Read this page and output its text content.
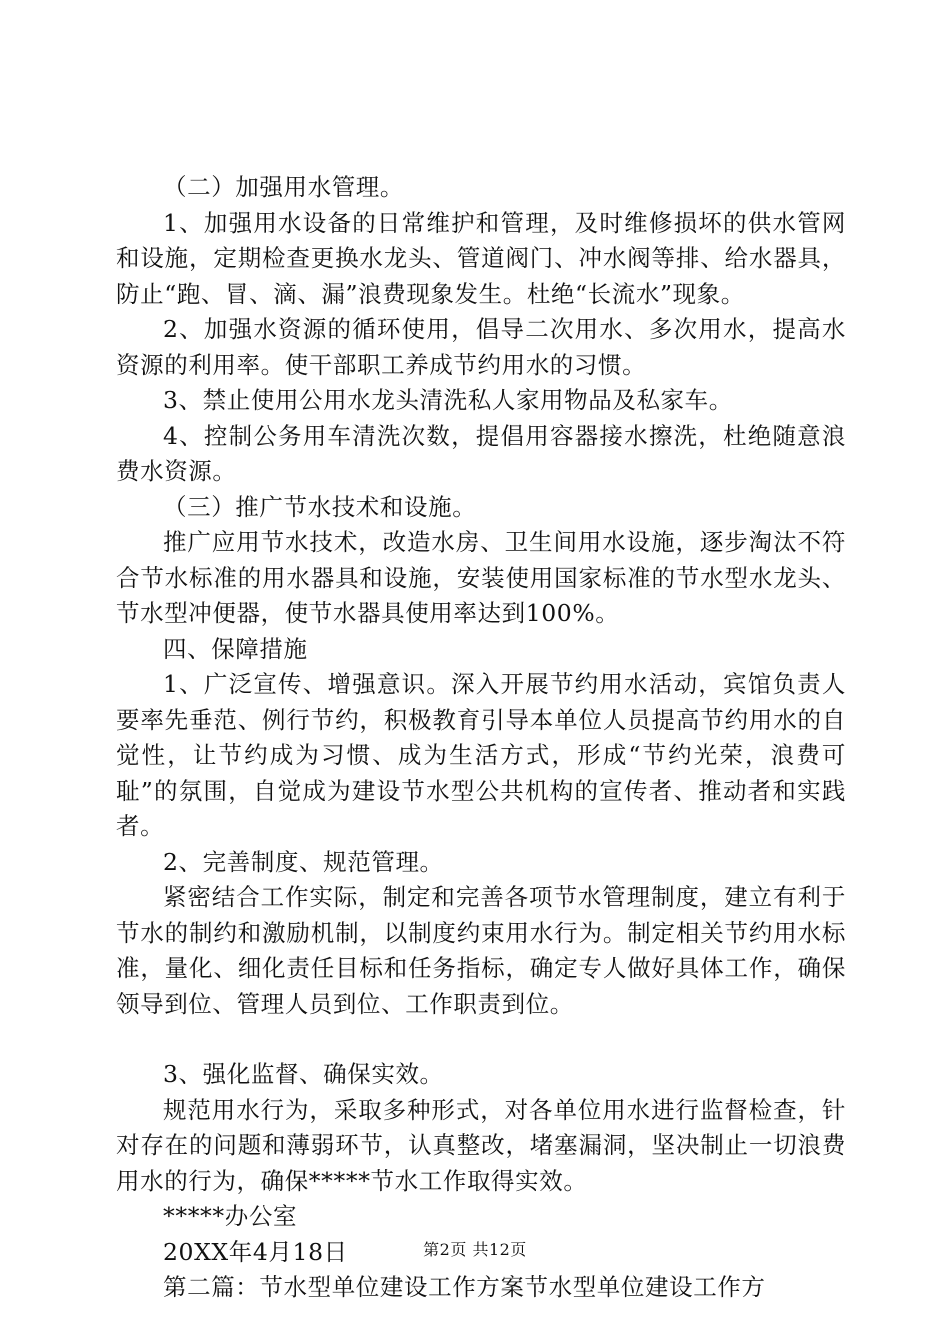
（二）加强用水管理。

1、加强用水设备的日常维护和管理，及时维修损坏的供水管网和设施，定期检查更换水龙头、管道阀门、冲水阀等排、给水器具，防止“跑、冒、滴、漏”浪费现象发生。杜绝“长流水”现象。

2、加强水资源的循环使用，倡导二次用水、多次用水，提高水资源的利用率。使干部职工养成节约用水的习惯。

3、禁止使用公用水龙头清洗私人家用物品及私家车。

4、控制公务用车清洗次数，提倡用容器接水擦洗，杜绝随意浪费水资源。

（三）推广节水技术和设施。

推广应用节水技术，改造水房、卫生间用水设施，逐步淘汰不符合节水标准的用水器具和设施，安装使用国家标准的节水型水龙头、节水型冲便器，使节水器具使用率达到100%。

四、保障措施

1、广泛宣传、增强意识。深入开展节约用水活动，宾馆负责人要率先垂范、例行节约，积极教育引导本单位人员提高节约用水的自觉性，让节约成为习惯、成为生活方式，形成“节约光荣，浪费可耻”的氛围，自觉成为建设节水型公共机构的宣传者、推动者和实践者。

2、完善制度、规范管理。

紧密结合工作实际，制定和完善各项节水管理制度，建立有利于节水的制约和激励机制，以制度约束用水行为。制定相关节约用水标准，量化、细化责任目标和任务指标，确定专人做好具体工作，确保领导到位、管理人员到位、工作职责到位。

3、强化监督、确保实效。

规范用水行为，采取多种形式，对各单位用水进行监督检查，针对存在的问题和薄弱环节，认真整改，堵塞漏洞，坚决制止一切浪费用水的行为，确保*****节水工作取得实效。

*****办公室

20XX年4月18日

第二篇：节水型单位建设工作方案节水型单位建设工作方

第2页 共12页
